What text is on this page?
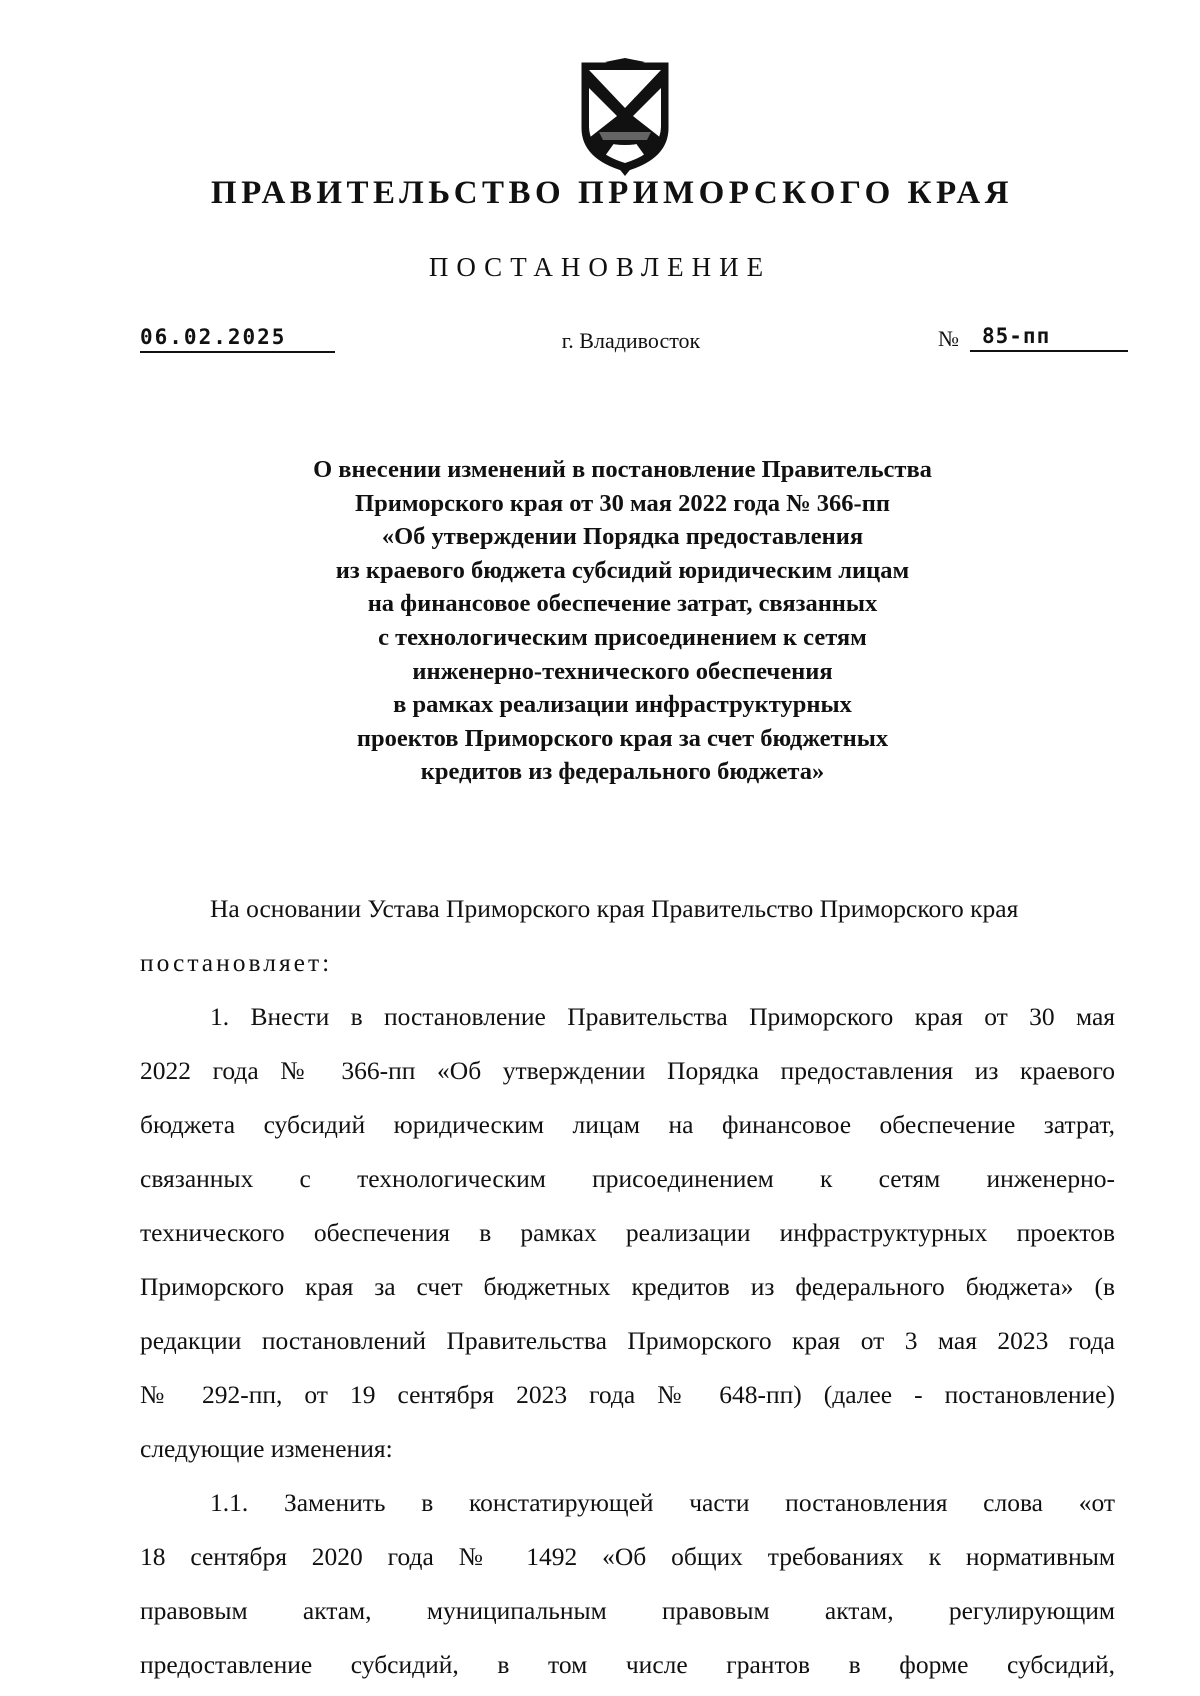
ПРАВИТЕЛЬСТВО ПРИМОРСКОГО КРАЯ
ПОСТАНОВЛЕНИЕ
06.02.2025	г. Владивосток	№	85-пп
О внесении изменений в постановление Правительства
Приморского края от 30 мая 2022 года № 366-пп
«Об утверждении Порядка предоставления
из краевого бюджета субсидий юридическим лицам
на финансовое обеспечение затрат, связанных
с технологическим присоединением к сетям
инженерно-технического обеспечения
в рамках реализации инфраструктурных
проектов Приморского края за счет бюджетных
кредитов из федерального бюджета»
На основании Устава Приморского края Правительство Приморского края
постановляет:
1. Внести в постановление Правительства Приморского края от 30 мая
2022 года № 366-пп «Об утверждении Порядка предоставления из краевого
бюджета субсидий юридическим лицам на финансовое обеспечение затрат,
связанных с технологическим присоединением к сетям инженерно-
технического обеспечения в рамках реализации инфраструктурных проектов
Приморского края за счет бюджетных кредитов из федерального бюджета» (в
редакции постановлений Правительства Приморского края от 3 мая 2023 года
№ 292-пп, от 19 сентября 2023 года № 648-пп) (далее - постановление)
следующие изменения:
1.1. Заменить в констатирующей части постановления слова «от
18 сентября 2020 года № 1492 «Об общих требованиях к нормативным
правовым актам, муниципальным правовым актам, регулирующим
предоставление субсидий, в том числе грантов в форме субсидий,
